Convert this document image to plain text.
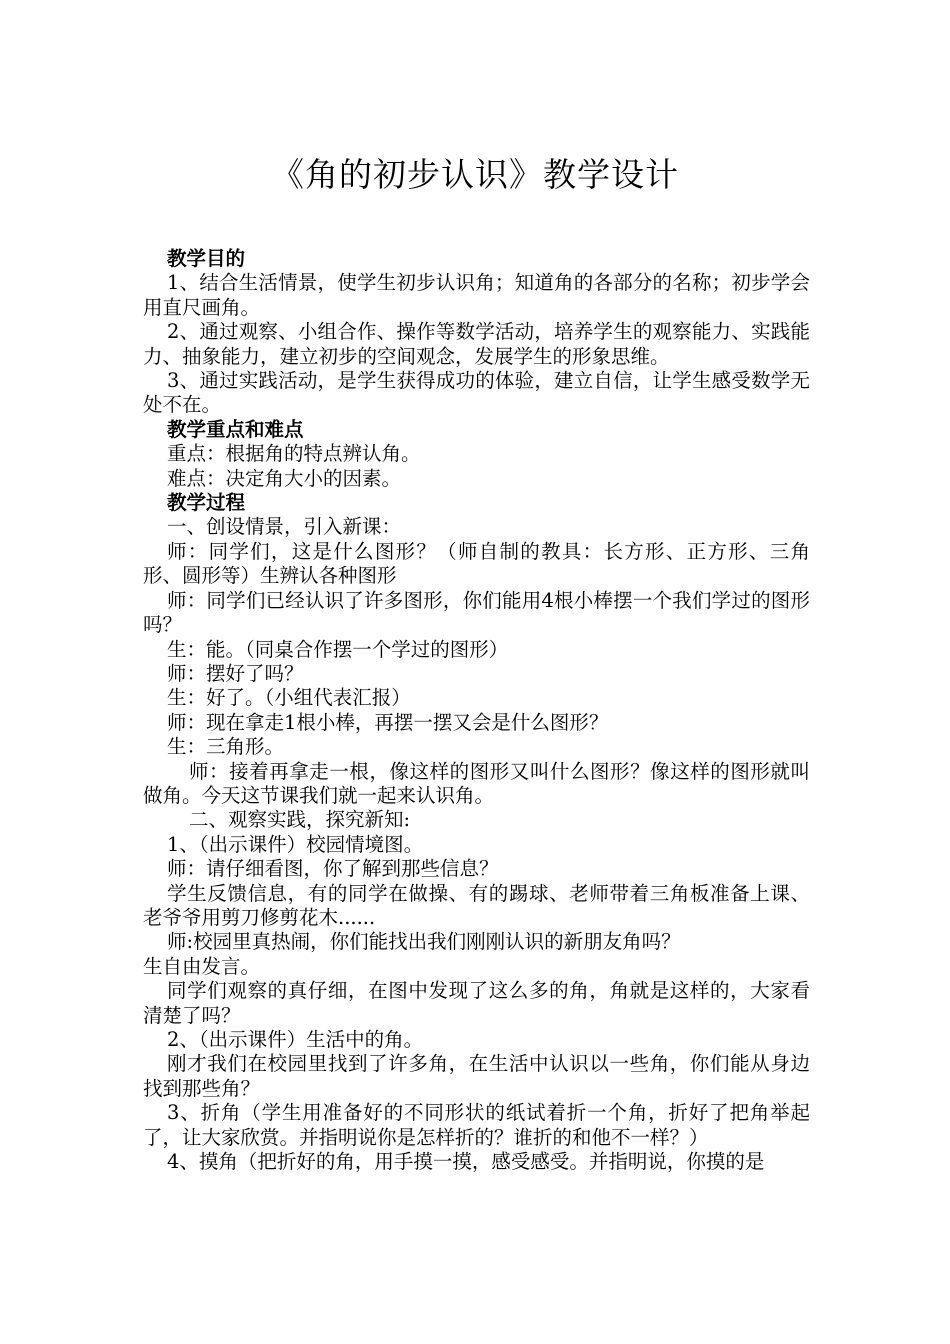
《角的初步认识》教学设计

教学目的

1、结合生活情景，使学生初步认识角；知道角的各部分的名称；初步学会用直尺画角。

2、通过观察、小组合作、操作等数学活动，培养学生的观察能力、实践能力、抽象能力，建立初步的空间观念，发展学生的形象思维。

3、通过实践活动，是学生获得成功的体验，建立自信，让学生感受数学无处不在。

教学重点和难点

重点：根据角的特点辨认角。

难点：决定角大小的因素。

教学过程

一、创设情景，引入新课：

师：同学们，这是什么图形？（师自制的教具：长方形、正方形、三角形、圆形等）生辨认各种图形

师：同学们已经认识了许多图形，你们能用4根小棒摆一个我们学过的图形吗？

生：能。（同桌合作摆一个学过的图形）

师：摆好了吗？

生：好了。（小组代表汇报）

师：现在拿走1根小棒，再摆一摆又会是什么图形？

生：三角形。

师：接着再拿走一根，像这样的图形又叫什么图形？像这样的图形就叫做角。今天这节课我们就一起来认识角。

二、观察实践，探究新知:

1、（出示课件）校园情境图。

师：请仔细看图，你了解到那些信息？

学生反馈信息，有的同学在做操、有的踢球、老师带着三角板准备上课、老爷爷用剪刀修剪花木......

师:校园里真热闹，你们能找出我们刚刚认识的新朋友角吗？

生自由发言。

同学们观察的真仔细，在图中发现了这么多的角，角就是这样的，大家看清楚了吗？

2、（出示课件）生活中的角。

刚才我们在校园里找到了许多角，在生活中认识以一些角，你们能从身边找到那些角？

3、折角（学生用准备好的不同形状的纸试着折一个角，折好了把角举起了，让大家欣赏。并指明说你是怎样折的？谁折的和他不一样？）

4、摸角（把折好的角，用手摸一摸，感受感受。并指明说，你摸的是
